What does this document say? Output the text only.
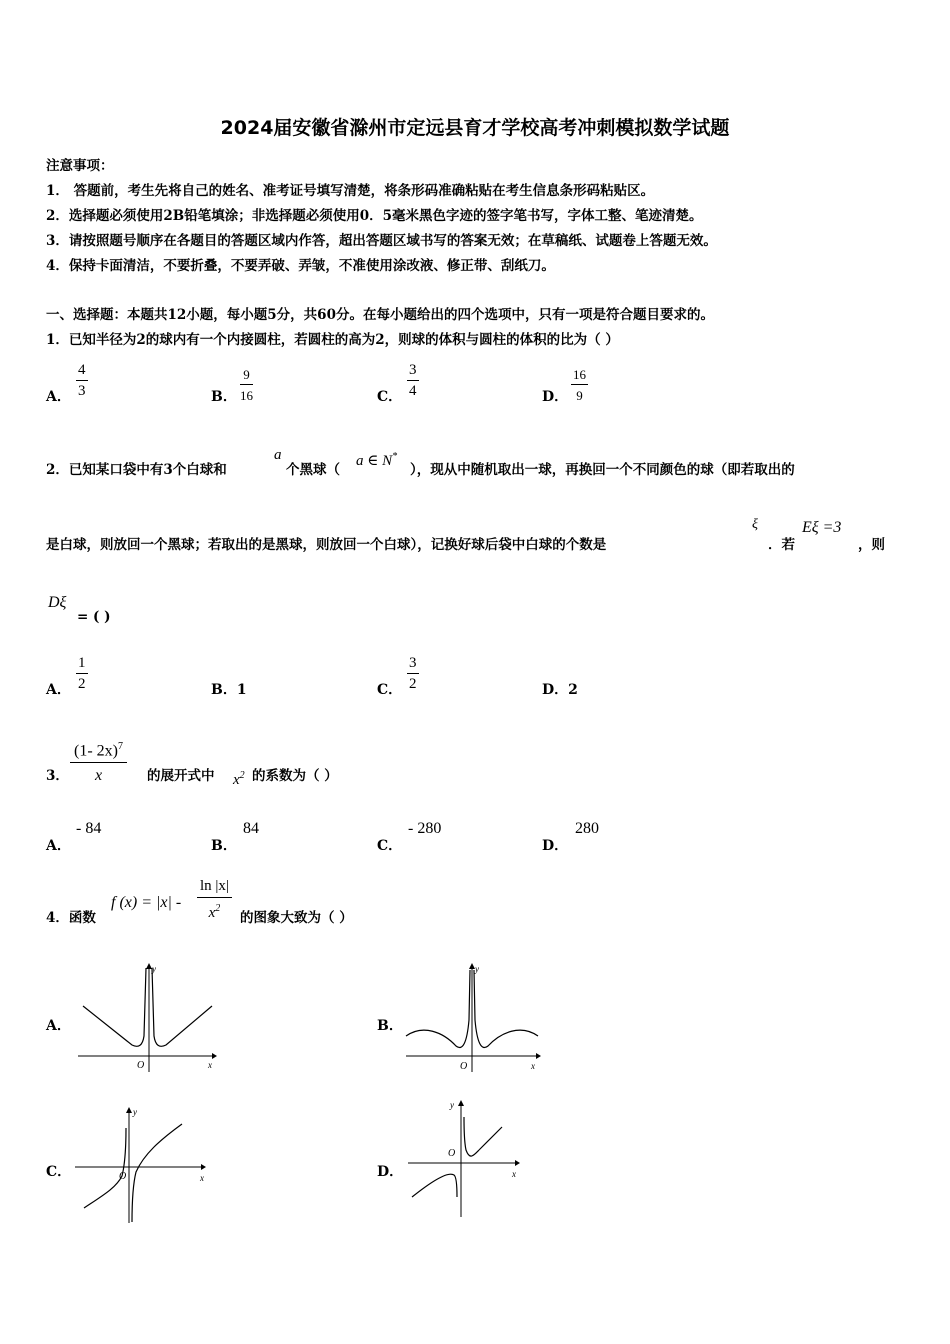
2024届安徽省滁州市定远县育才学校高考冲刺模拟数学试题
注意事项：
1． 答题前，考生先将自己的姓名、准考证号填写清楚，将条形码准确粘贴在考生信息条形码粘贴区。
2．选择题必须使用2B铅笔填涂；非选择题必须使用0．5毫米黑色字迹的签字笔书写，字体工整、笔迹清楚。
3．请按照题号顺序在各题目的答题区域内作答，超出答题区域书写的答案无效；在草稿纸、试题卷上答题无效。
4．保持卡面清洁，不要折叠，不要弄破、弄皱，不准使用涂改液、修正带、刮纸刀。
一、选择题：本题共12小题，每小题5分，共60分。在每小题给出的四个选项中，只有一项是符合题目要求的。
1．已知半径为2的球内有一个内接圆柱，若圆柱的高为2，则球的体积与圆柱的体积的比为（ ）
A． $\frac{4}{3}$	B． $\frac{9}{16}$	C． $\frac{3}{4}$	D． $\frac{16}{9}$
2．已知某口袋中有3个白球和
a
个黑球（
a ∈ N*
），现从中随机取出一球，再换回一个不同颜色的球（即若取出的
是白球，则放回一个黑球；若取出的是黑球，则放回一个白球），记换好球后袋中白球的个数是
ξ
．若
Eξ =3
，则
Dξ
= ( )
A． $\frac{1}{2}$	B．1	C． $\frac{3}{2}$	D．2
3． $\frac{(1- 2x)^7}{x}$ 的展开式中 $x^2$ 的系数为（ ）
A．
- 84
B．
84
C．
- 280
D．
280
4．函数
f $(x) = |x| - \frac{\ln |x|}{x^2}$ 的图象大致为（ ）
A．
x
y
O
B．
x
y
O
C．	x
y
O	D．	x
y
O
